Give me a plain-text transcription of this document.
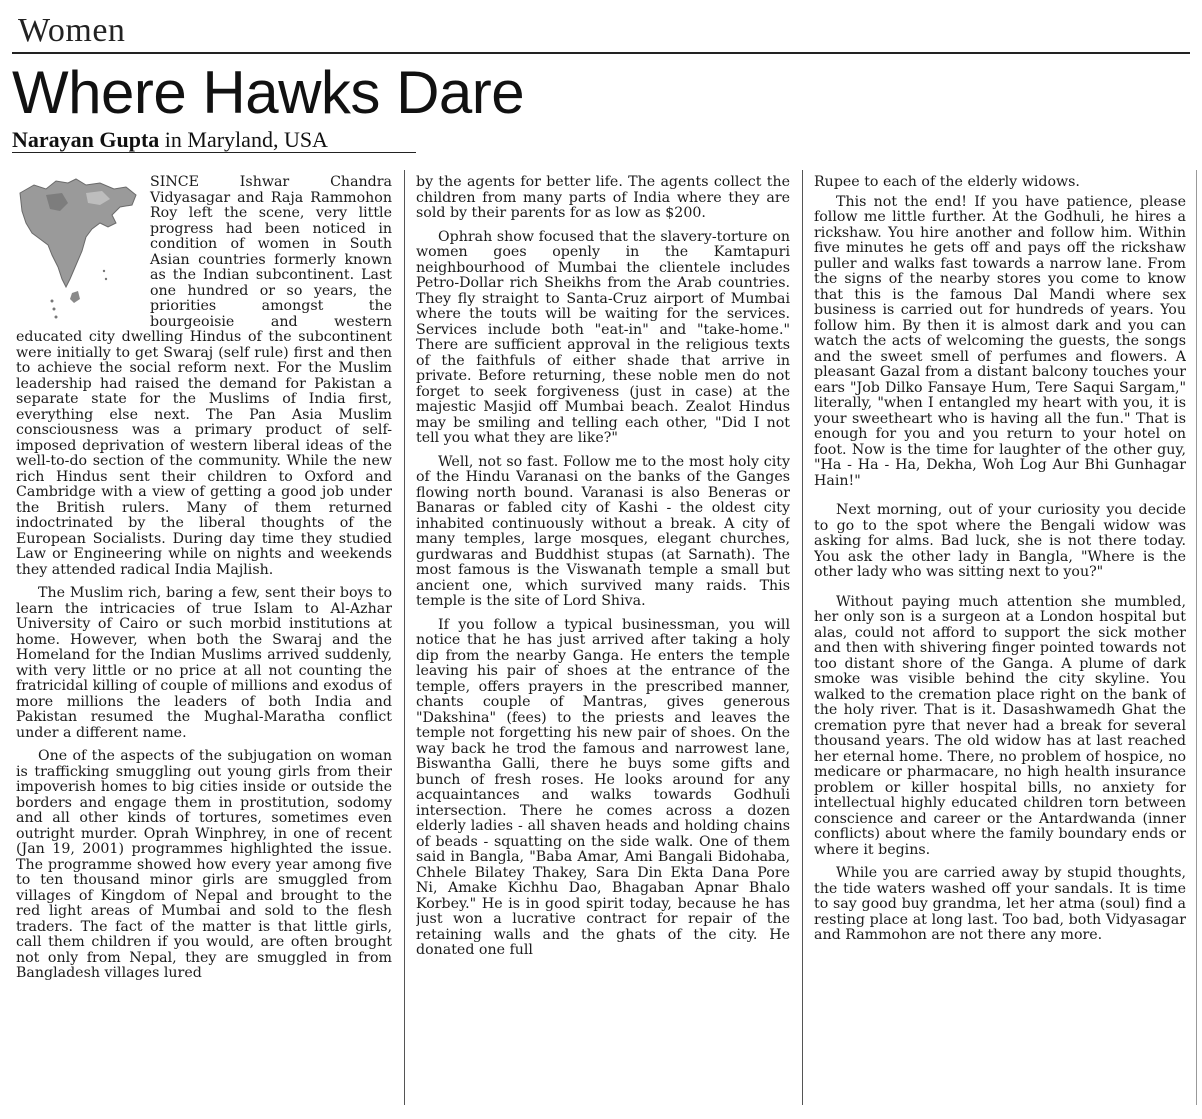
Women
Where Hawks Dare
Narayan Gupta in Maryland, USA

SINCE Ishwar Chandra Vidyasagar and Raja Rammohon Roy left the scene, very little progress had been noticed in condition of women in South Asian countries formerly known as the Indian subcontinent. Last one hundred or so years, the priorities amongst the bourgeoisie and western educated city dwelling Hindus of the subcontinent were initially to get Swaraj (self rule) first and then to achieve the social reform next. For the Muslim leadership had raised the demand for Pakistan a separate state for the Muslims of India first, everything else next. The Pan Asia Muslim consciousness was a primary product of self-imposed deprivation of western liberal ideas of the well-to-do section of the community. While the new rich Hindus sent their children to Oxford and Cambridge with a view of getting a good job under the British rulers. Many of them returned indoctrinated by the liberal thoughts of the European Socialists. During day time they studied Law or Engineering while on nights and weekends they attended radical India Majlish.

The Muslim rich, baring a few, sent their boys to learn the intricacies of true Islam to Al-Azhar University of Cairo or such morbid institutions at home. However, when both the Swaraj and the Homeland for the Indian Muslims arrived suddenly, with very little or no price at all not counting the fratricidal killing of couple of millions and exodus of more millions the leaders of both India and Pakistan resumed the Mughal-Maratha conflict under a different name.

One of the aspects of the subjugation on woman is trafficking smuggling out young girls from their impoverish homes to big cities inside or outside the borders and engage them in prostitution, sodomy and all other kinds of tortures, sometimes even outright murder. Oprah Winphrey, in one of recent (Jan 19, 2001) programmes highlighted the issue. The programme showed how every year among five to ten thousand minor girls are smuggled from villages of Kingdom of Nepal and brought to the red light areas of Mumbai and sold to the flesh traders. The fact of the matter is that little girls, call them children if you would, are often brought not only from Nepal, they are smuggled in from Bangladesh villages lured

by the agents for better life. The agents collect the children from many parts of India where they are sold by their parents for as low as $200.

Ophrah show focused that the slavery-torture on women goes openly in the Kamtapuri neighbourhood of Mumbai the clientele includes Petro-Dollar rich Sheikhs from the Arab countries. They fly straight to Santa-Cruz airport of Mumbai where the touts will be waiting for the services. Services include both "eat-in" and "take-home." There are sufficient approval in the religious texts of the faithfuls of either shade that arrive in private. Before returning, these noble men do not forget to seek forgiveness (just in case) at the majestic Masjid off Mumbai beach. Zealot Hindus may be smiling and telling each other, "Did I not tell you what they are like?"

Well, not so fast. Follow me to the most holy city of the Hindu Varanasi on the banks of the Ganges flowing north bound. Varanasi is also Beneras or Banaras or fabled city of Kashi - the oldest city inhabited continuously without a break. A city of many temples, large mosques, elegant churches, gurdwaras and Buddhist stupas (at Sarnath). The most famous is the Viswanath temple a small but ancient one, which survived many raids. This temple is the site of Lord Shiva.

If you follow a typical businessman, you will notice that he has just arrived after taking a holy dip from the nearby Ganga. He enters the temple leaving his pair of shoes at the entrance of the temple, offers prayers in the prescribed manner, chants couple of Mantras, gives generous "Dakshina" (fees) to the priests and leaves the temple not forgetting his new pair of shoes. On the way back he trod the famous and narrowest lane, Biswantha Galli, there he buys some gifts and bunch of fresh roses. He looks around for any acquaintances and walks towards Godhuli intersection. There he comes across a dozen elderly ladies - all shaven heads and holding chains of beads - squatting on the side walk. One of them said in Bangla, "Baba Amar, Ami Bangali Bidohaba, Chhele Bilatey Thakey, Sara Din Ekta Dana Pore Ni, Amake Kichhu Dao, Bhagaban Apnar Bhalo Korbey." He is in good spirit today, because he has just won a lucrative contract for repair of the retaining walls and the ghats of the city. He donated one full

Rupee to each of the elderly widows.

This not the end! If you have patience, please follow me little further. At the Godhuli, he hires a rickshaw. You hire another and follow him. Within five minutes he gets off and pays off the rickshaw puller and walks fast towards a narrow lane. From the signs of the nearby stores you come to know that this is the famous Dal Mandi where sex business is carried out for hundreds of years. You follow him. By then it is almost dark and you can watch the acts of welcoming the guests, the songs and the sweet smell of perfumes and flowers. A pleasant Gazal from a distant balcony touches your ears "Job Dilko Fansaye Hum, Tere Saqui Sargam," literally, "when I entangled my heart with you, it is your sweetheart who is having all the fun." That is enough for you and you return to your hotel on foot. Now is the time for laughter of the other guy, "Ha - Ha - Ha, Dekha, Woh Log Aur Bhi Gunhagar Hain!"

Next morning, out of your curiosity you decide to go to the spot where the Bengali widow was asking for alms. Bad luck, she is not there today. You ask the other lady in Bangla, "Where is the other lady who was sitting next to you?"

Without paying much attention she mumbled, her only son is a surgeon at a London hospital but alas, could not afford to support the sick mother and then with shivering finger pointed towards not too distant shore of the Ganga. A plume of dark smoke was visible behind the city skyline. You walked to the cremation place right on the bank of the holy river. That is it. Dasashwamedh Ghat the cremation pyre that never had a break for several thousand years. The old widow has at last reached her eternal home. There, no problem of hospice, no medicare or pharmacare, no high health insurance problem or killer hospital bills, no anxiety for intellectual highly educated children torn between conscience and career or the Antardwanda (inner conflicts) about where the family boundary ends or where it begins.

While you are carried away by stupid thoughts, the tide waters washed off your sandals. It is time to say good buy grandma, let her atma (soul) find a resting place at long last. Too bad, both Vidyasagar and Rammohon are not there any more.
